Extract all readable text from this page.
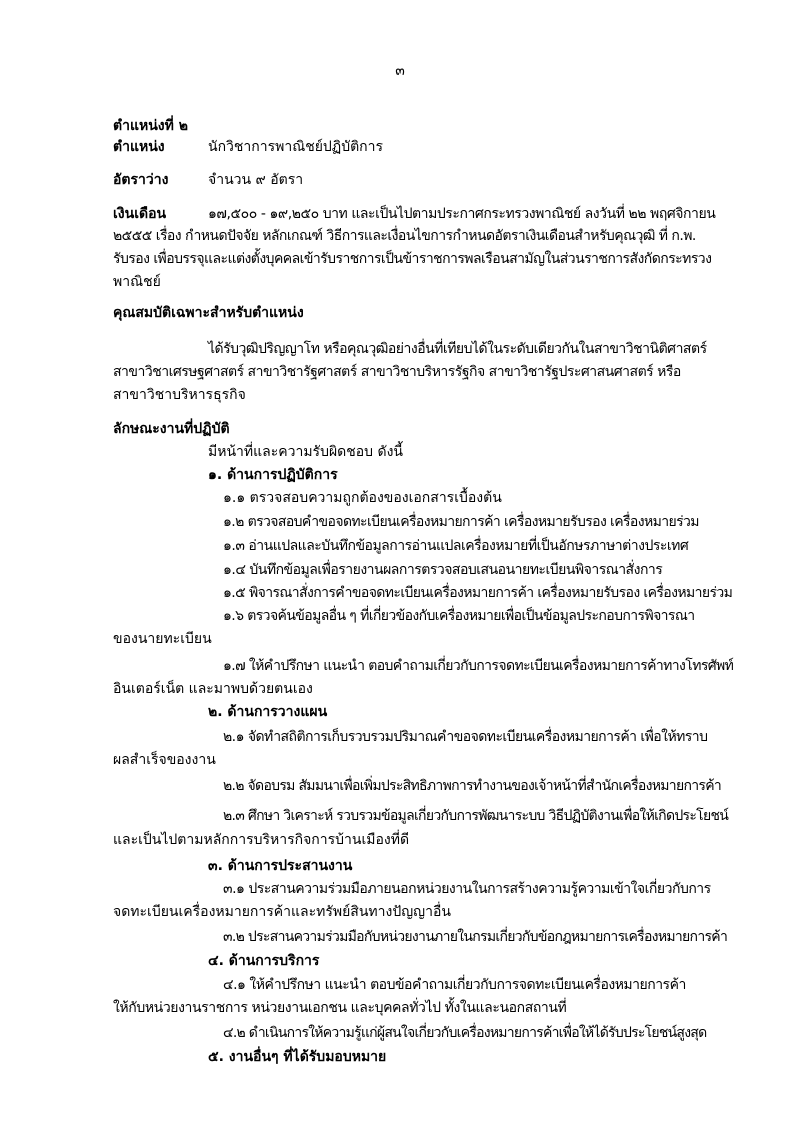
๓
ตำแหน่งที่ ๒
ตำแหน่ง	นักวิชาการพาณิชย์ปฏิบัติการ
อัตราว่าง	จำนวน ๙ อัตรา
เงินเดือน	๑๗,๕๐๐ - ๑๙,๒๕๐ บาท และเป็นไปตามประกาศกระทรวงพาณิชย์ ลงวันที่ ๒๒ พฤศจิกายน
๒๕๕๕ เรื่อง กำหนดปัจจัย หลักเกณฑ์ วิธีการและเงื่อนไขการกำหนดอัตราเงินเดือนสำหรับคุณวุฒิ ที่ ก.พ.
รับรอง เพื่อบรรจุและแต่งตั้งบุคคลเข้ารับราชการเป็นข้าราชการพลเรือนสามัญในส่วนราชการสังกัดกระทรวง
พาณิชย์
คุณสมบัติเฉพาะสำหรับตำแหน่ง
ได้รับวุฒิปริญญาโท หรือคุณวุฒิอย่างอื่นที่เทียบได้ในระดับเดียวกันในสาขาวิชานิติศาสตร์
สาขาวิชาเศรษฐศาสตร์ สาขาวิชารัฐศาสตร์ สาขาวิชาบริหารรัฐกิจ สาขาวิชารัฐประศาสนศาสตร์ หรือ
สาขาวิชาบริหารธุรกิจ
ลักษณะงานที่ปฏิบัติ
มีหน้าที่และความรับผิดชอบ ดังนี้
๑. ด้านการปฏิบัติการ
๑.๑ ตรวจสอบความถูกต้องของเอกสารเบื้องต้น
๑.๒ ตรวจสอบคำขอจดทะเบียนเครื่องหมายการค้า เครื่องหมายรับรอง เครื่องหมายร่วม
๑.๓ อ่านแปลและบันทึกข้อมูลการอ่านแปลเครื่องหมายที่เป็นอักษรภาษาต่างประเทศ
๑.๔ บันทึกข้อมูลเพื่อรายงานผลการตรวจสอบเสนอนายทะเบียนพิจารณาสั่งการ
๑.๕ พิจารณาสั่งการคำขอจดทะเบียนเครื่องหมายการค้า เครื่องหมายรับรอง เครื่องหมายร่วม
๑.๖ ตรวจค้นข้อมูลอื่น ๆ ที่เกี่ยวข้องกับเครื่องหมายเพื่อเป็นข้อมูลประกอบการพิจารณา
ของนายทะเบียน
๑.๗ ให้คำปรึกษา แนะนำ ตอบคำถามเกี่ยวกับการจดทะเบียนเครื่องหมายการค้าทางโทรศัพท์
อินเตอร์เน็ต และมาพบด้วยตนเอง
๒. ด้านการวางแผน
๒.๑ จัดทำสถิติการเก็บรวบรวมปริมาณคำขอจดทะเบียนเครื่องหมายการค้า เพื่อให้ทราบ
ผลสำเร็จของงาน
๒.๒ จัดอบรม สัมมนาเพื่อเพิ่มประสิทธิภาพการทำงานของเจ้าหน้าที่สำนักเครื่องหมายการค้า
๒.๓ ศึกษา วิเคราะห์ รวบรวมข้อมูลเกี่ยวกับการพัฒนาระบบ วิธีปฏิบัติงานเพื่อให้เกิดประโยชน์
และเป็นไปตามหลักการบริหารกิจการบ้านเมืองที่ดี
๓. ด้านการประสานงาน
๓.๑ ประสานความร่วมมือภายนอกหน่วยงานในการสร้างความรู้ความเข้าใจเกี่ยวกับการ
จดทะเบียนเครื่องหมายการค้าและทรัพย์สินทางปัญญาอื่น
๓.๒ ประสานความร่วมมือกับหน่วยงานภายในกรมเกี่ยวกับข้อกฎหมายการเครื่องหมายการค้า
๔. ด้านการบริการ
๔.๑ ให้คำปรึกษา แนะนำ ตอบข้อคำถามเกี่ยวกับการจดทะเบียนเครื่องหมายการค้า
ให้กับหน่วยงานราชการ หน่วยงานเอกชน และบุคคลทั่วไป ทั้งในและนอกสถานที่
๔.๒ ดำเนินการให้ความรู้แก่ผู้สนใจเกี่ยวกับเครื่องหมายการค้าเพื่อให้ได้รับประโยชน์สูงสุด
๕. งานอื่นๆ ที่ได้รับมอบหมาย
